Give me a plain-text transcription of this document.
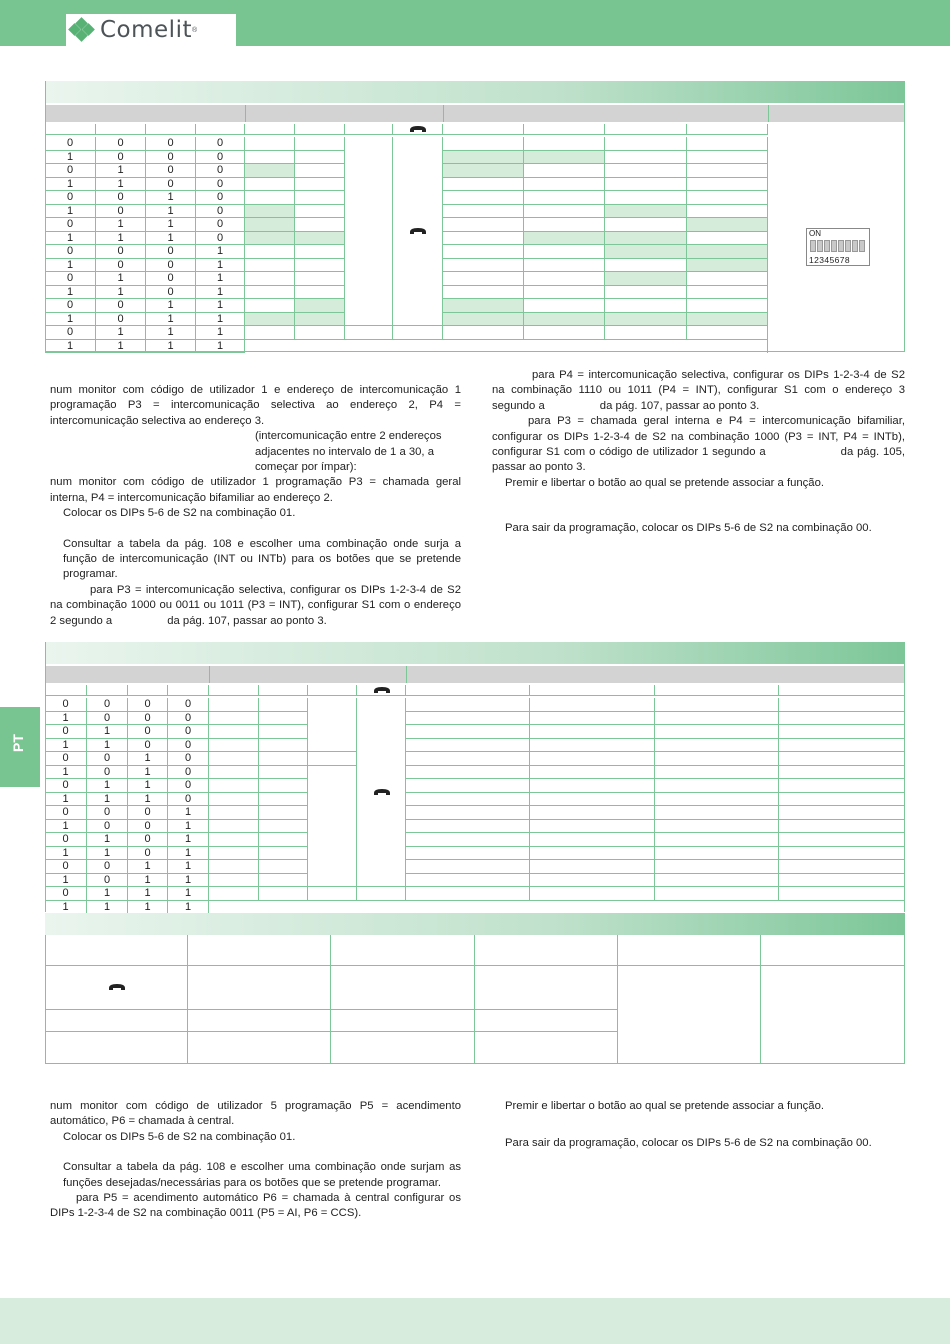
Comelit ®
0	0	0	0
1	0	0	0
0	1	0	0
1	1	0	0
0	0	1	0
1	0	1	0
0	1	1	0
1	1	1	0
0	0	0	1
1	0	0	1
0	1	0	1
1	1	0	1
0	0	1	1
1	0	1	1
0	1	1	1
1	1	1	1
ON
12345678

num monitor com código de utilizador 1 e endereço de intercomunicação 1 programação P3 = intercomunicação selectiva ao endereço 2, P4 = intercomunicação selectiva ao endereço 3.

(intercomunicação entre 2 endereços adjacentes no intervalo de 1 a 30, a começar por ímpar):

num monitor com código de utilizador 1 programação P3 = chamada geral interna, P4 = intercomunicação bifamiliar ao endereço 2.

Colocar os DIPs 5-6 de S2 na combinação 01.

Consultar a tabela da pág. 108 e escolher uma combinação onde surja a função de intercomunicação (INT ou INTb) para os botões que se pretende programar.

para P3 = intercomunicação selectiva, configurar os DIPs 1-2-3-4 de S2 na combinação 1000 ou 0011 ou 1011 (P3 = INT), configurar S1 com o endereço 2 segundo a	da pág. 107, passar ao ponto 3.

para P4 = intercomunicação selectiva, configurar os DIPs 1-2-3-4 de S2 na combinação 1110 ou 1011 (P4 = INT), configurar S1 com o endereço 3 segundo a	da pág. 107, passar ao ponto 3.

para P3 = chamada geral interna e P4 = intercomunicação bifamiliar, configurar os DIPs 1-2-3-4 de S2 na combinação 1000 (P3 = INT, P4 = INTb), configurar S1 com o código de utilizador 1 segundo a	da pág. 105, passar ao ponto 3.

Premir e libertar o botão ao qual se pretende associar a função.

Para sair da programação, colocar os DIPs 5-6 de S2 na combinação 00.

PT
0	0	0	0
1	0	0	0
0	1	0	0
1	1	0	0
0	0	1	0
1	0	1	0
0	1	1	0
1	1	1	0
0	0	0	1
1	0	0	1
0	1	0	1
1	1	0	1
0	0	1	1
1	0	1	1
0	1	1	1
1	1	1	1

num monitor com código de utilizador 5 programação P5 = acendimento automático, P6 = chamada à central.

Colocar os DIPs 5-6 de S2 na combinação 01.

Consultar a tabela da pág. 108 e escolher uma combinação onde surjam as funções desejadas/necessárias para os botões que se pretende programar.

para P5 = acendimento automático P6 = chamada à central configurar os DIPs 1-2-3-4 de S2 na combinação 0011 (P5 = AI, P6 = CCS).

Premir e libertar o botão ao qual se pretende associar a função.

Para sair da programação, colocar os DIPs 5-6 de S2 na combinação 00.
